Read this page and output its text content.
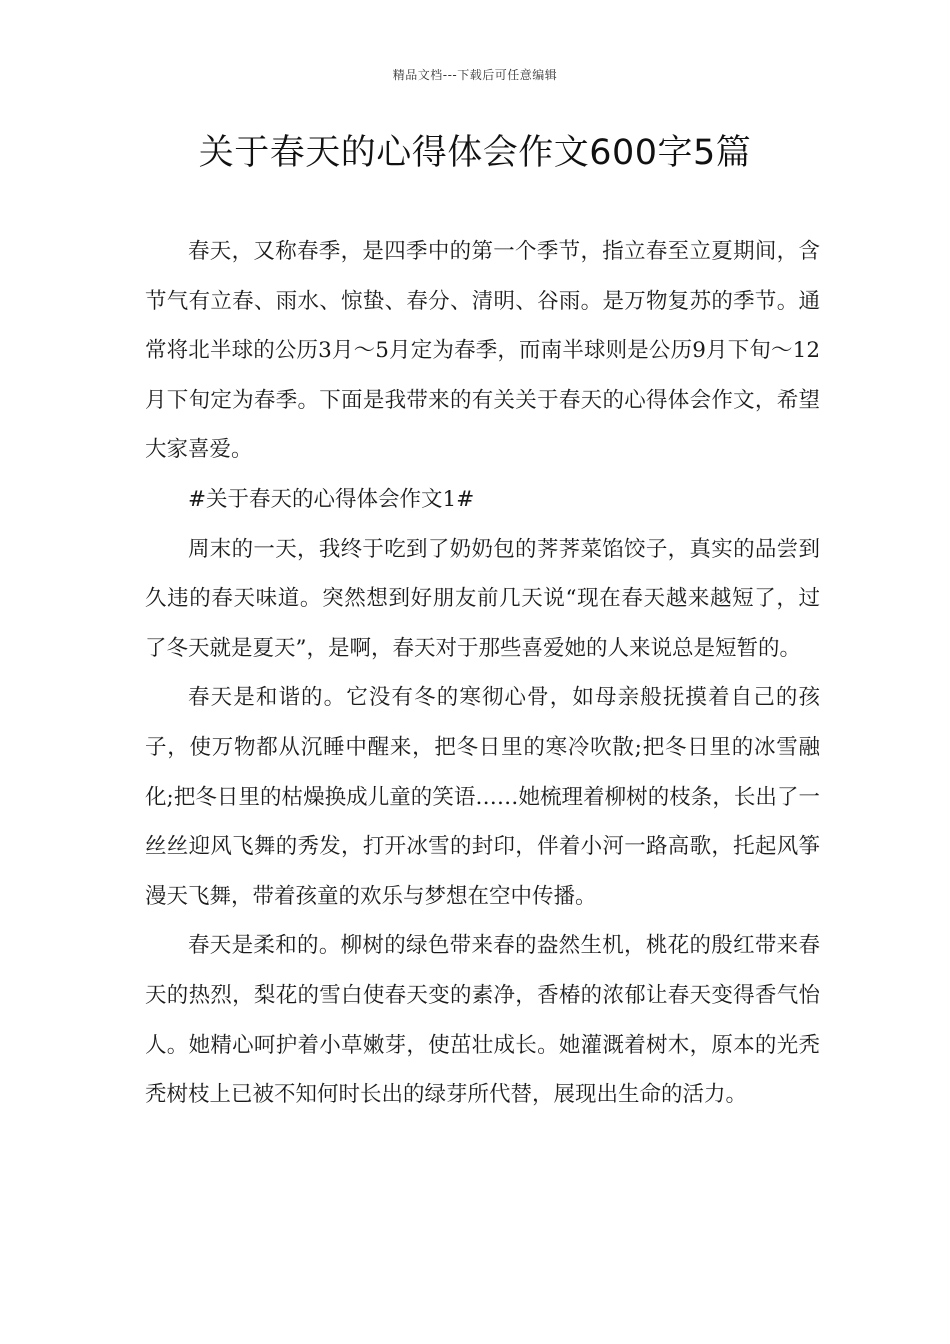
精品文档---下载后可任意编辑
关于春天的心得体会作文600字5篇

春天，又称春季，是四季中的第一个季节，指立春至立夏期间，含节气有立春、雨水、惊蛰、春分、清明、谷雨。是万物复苏的季节。通常将北半球的公历3月～5月定为春季，而南半球则是公历9月下旬～12月下旬定为春季。下面是我带来的有关关于春天的心得体会作文，希望大家喜爱。

#关于春天的心得体会作文1#

周末的一天，我终于吃到了奶奶包的荠荠菜馅饺子，真实的品尝到久违的春天味道。突然想到好朋友前几天说“现在春天越来越短了，过了冬天就是夏天”，是啊，春天对于那些喜爱她的人来说总是短暂的。

春天是和谐的。它没有冬的寒彻心骨，如母亲般抚摸着自己的孩子，使万物都从沉睡中醒来，把冬日里的寒冷吹散;把冬日里的冰雪融化;把冬日里的枯燥换成儿童的笑语……她梳理着柳树的枝条，长出了一丝丝迎风飞舞的秀发，打开冰雪的封印，伴着小河一路高歌，托起风筝漫天飞舞，带着孩童的欢乐与梦想在空中传播。

春天是柔和的。柳树的绿色带来春的盎然生机，桃花的殷红带来春天的热烈，梨花的雪白使春天变的素净，香椿的浓郁让春天变得香气怡人。她精心呵护着小草嫩芽，使茁壮成长。她灌溉着树木，原本的光秃秃树枝上已被不知何时长出的绿芽所代替，展现出生命的活力。
